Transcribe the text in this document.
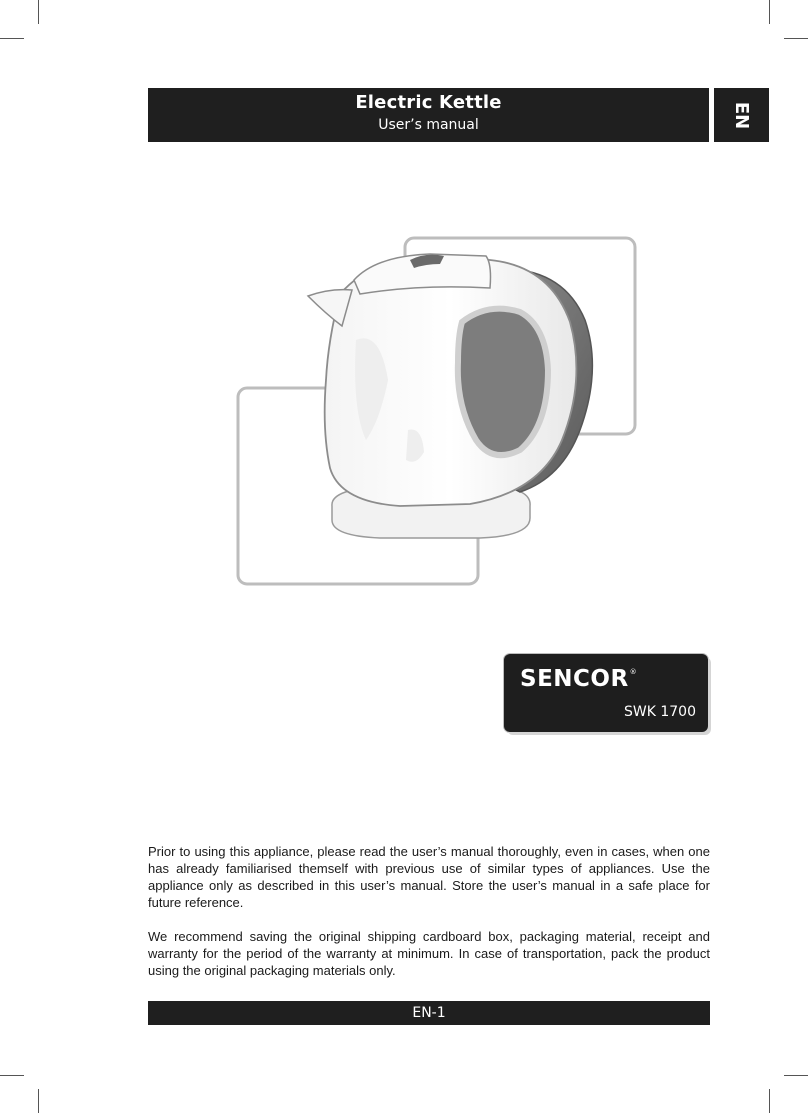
Electric Kettle
User’s manual	EN
SENCOR®
SWK 1700

Prior to using this appliance, please read the user’s manual thoroughly, even in cases, when one has already familiarised themself with previous use of similar types of appliances. Use the appliance only as described in this user’s manual. Store the user’s manual in a safe place for future reference.

We recommend saving the original shipping cardboard box, packaging material, receipt and warranty for the period of the warranty at minimum. In case of transportation, pack the product using the original packaging materials only.

EN-1
